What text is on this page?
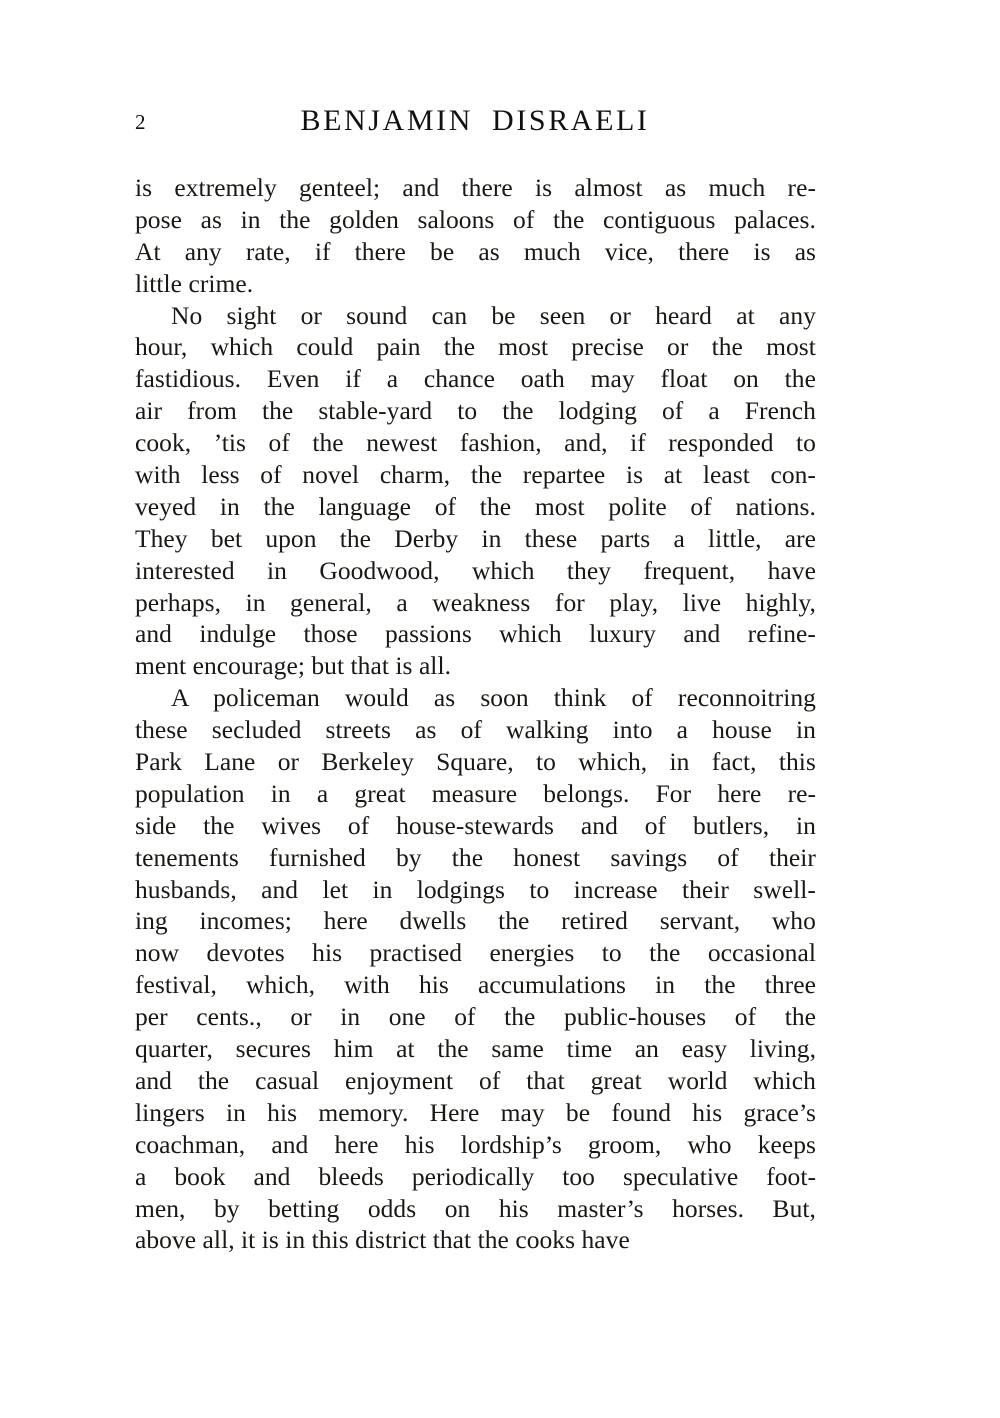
2	BENJAMIN DISRAELI

is extremely genteel; and there is almost as much re-
pose as in the golden saloons of the contiguous palaces.
At any rate, if there be as much vice, there is as
little crime.

No sight or sound can be seen or heard at any
hour, which could pain the most precise or the most
fastidious. Even if a chance oath may float on the
air from the stable-yard to the lodging of a French
cook, ’tis of the newest fashion, and, if responded to
with less of novel charm, the repartee is at least con-
veyed in the language of the most polite of nations.
They bet upon the Derby in these parts a little, are
interested in Goodwood, which they frequent, have
perhaps, in general, a weakness for play, live highly,
and indulge those passions which luxury and refine-
ment encourage; but that is all.

A policeman would as soon think of reconnoitring
these secluded streets as of walking into a house in
Park Lane or Berkeley Square, to which, in fact, this
population in a great measure belongs. For here re-
side the wives of house-stewards and of butlers, in
tenements furnished by the honest savings of their
husbands, and let in lodgings to increase their swell-
ing incomes; here dwells the retired servant, who
now devotes his practised energies to the occasional
festival, which, with his accumulations in the three
per cents., or in one of the public-houses of the
quarter, secures him at the same time an easy living,
and the casual enjoyment of that great world which
lingers in his memory. Here may be found his grace’s
coachman, and here his lordship’s groom, who keeps
a book and bleeds periodically too speculative foot-
men, by betting odds on his master’s horses. But,
above all, it is in this district that the cooks have
